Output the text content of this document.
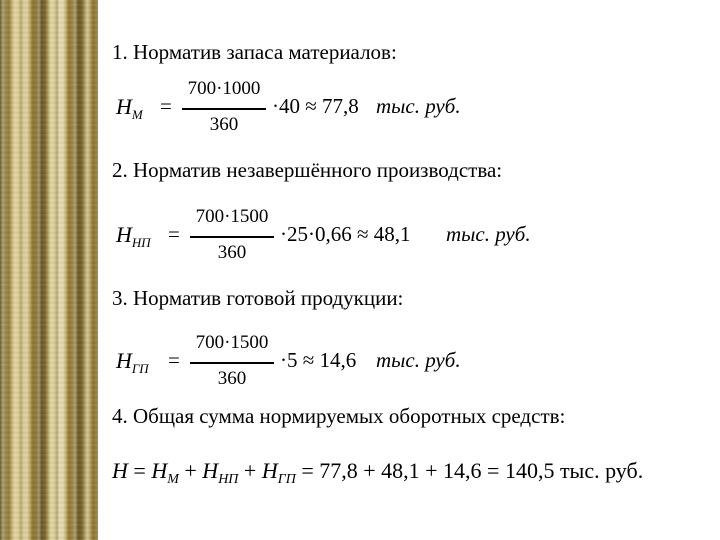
1. Норматив запаса материалов:
$Н_М$ =
700·1000
360
·40 ≈ 77,8 тыс. руб.
2. Норматив незавершённого производства:
$Н_{НП}$ =
700·1500
360
·25·0,66 ≈ 48,1 тыс. руб.
3. Норматив готовой продукции:
$Н_{ГП}$ =
700·1500
360
·5 ≈ 14,6 тыс. руб.
4. Общая сумма нормируемых оборотных средств:
$Н = Н_М + Н_{НП} + Н_{ГП} = 77,8 + 48,1 + 14,6 = 140,5$ тыс. руб.
